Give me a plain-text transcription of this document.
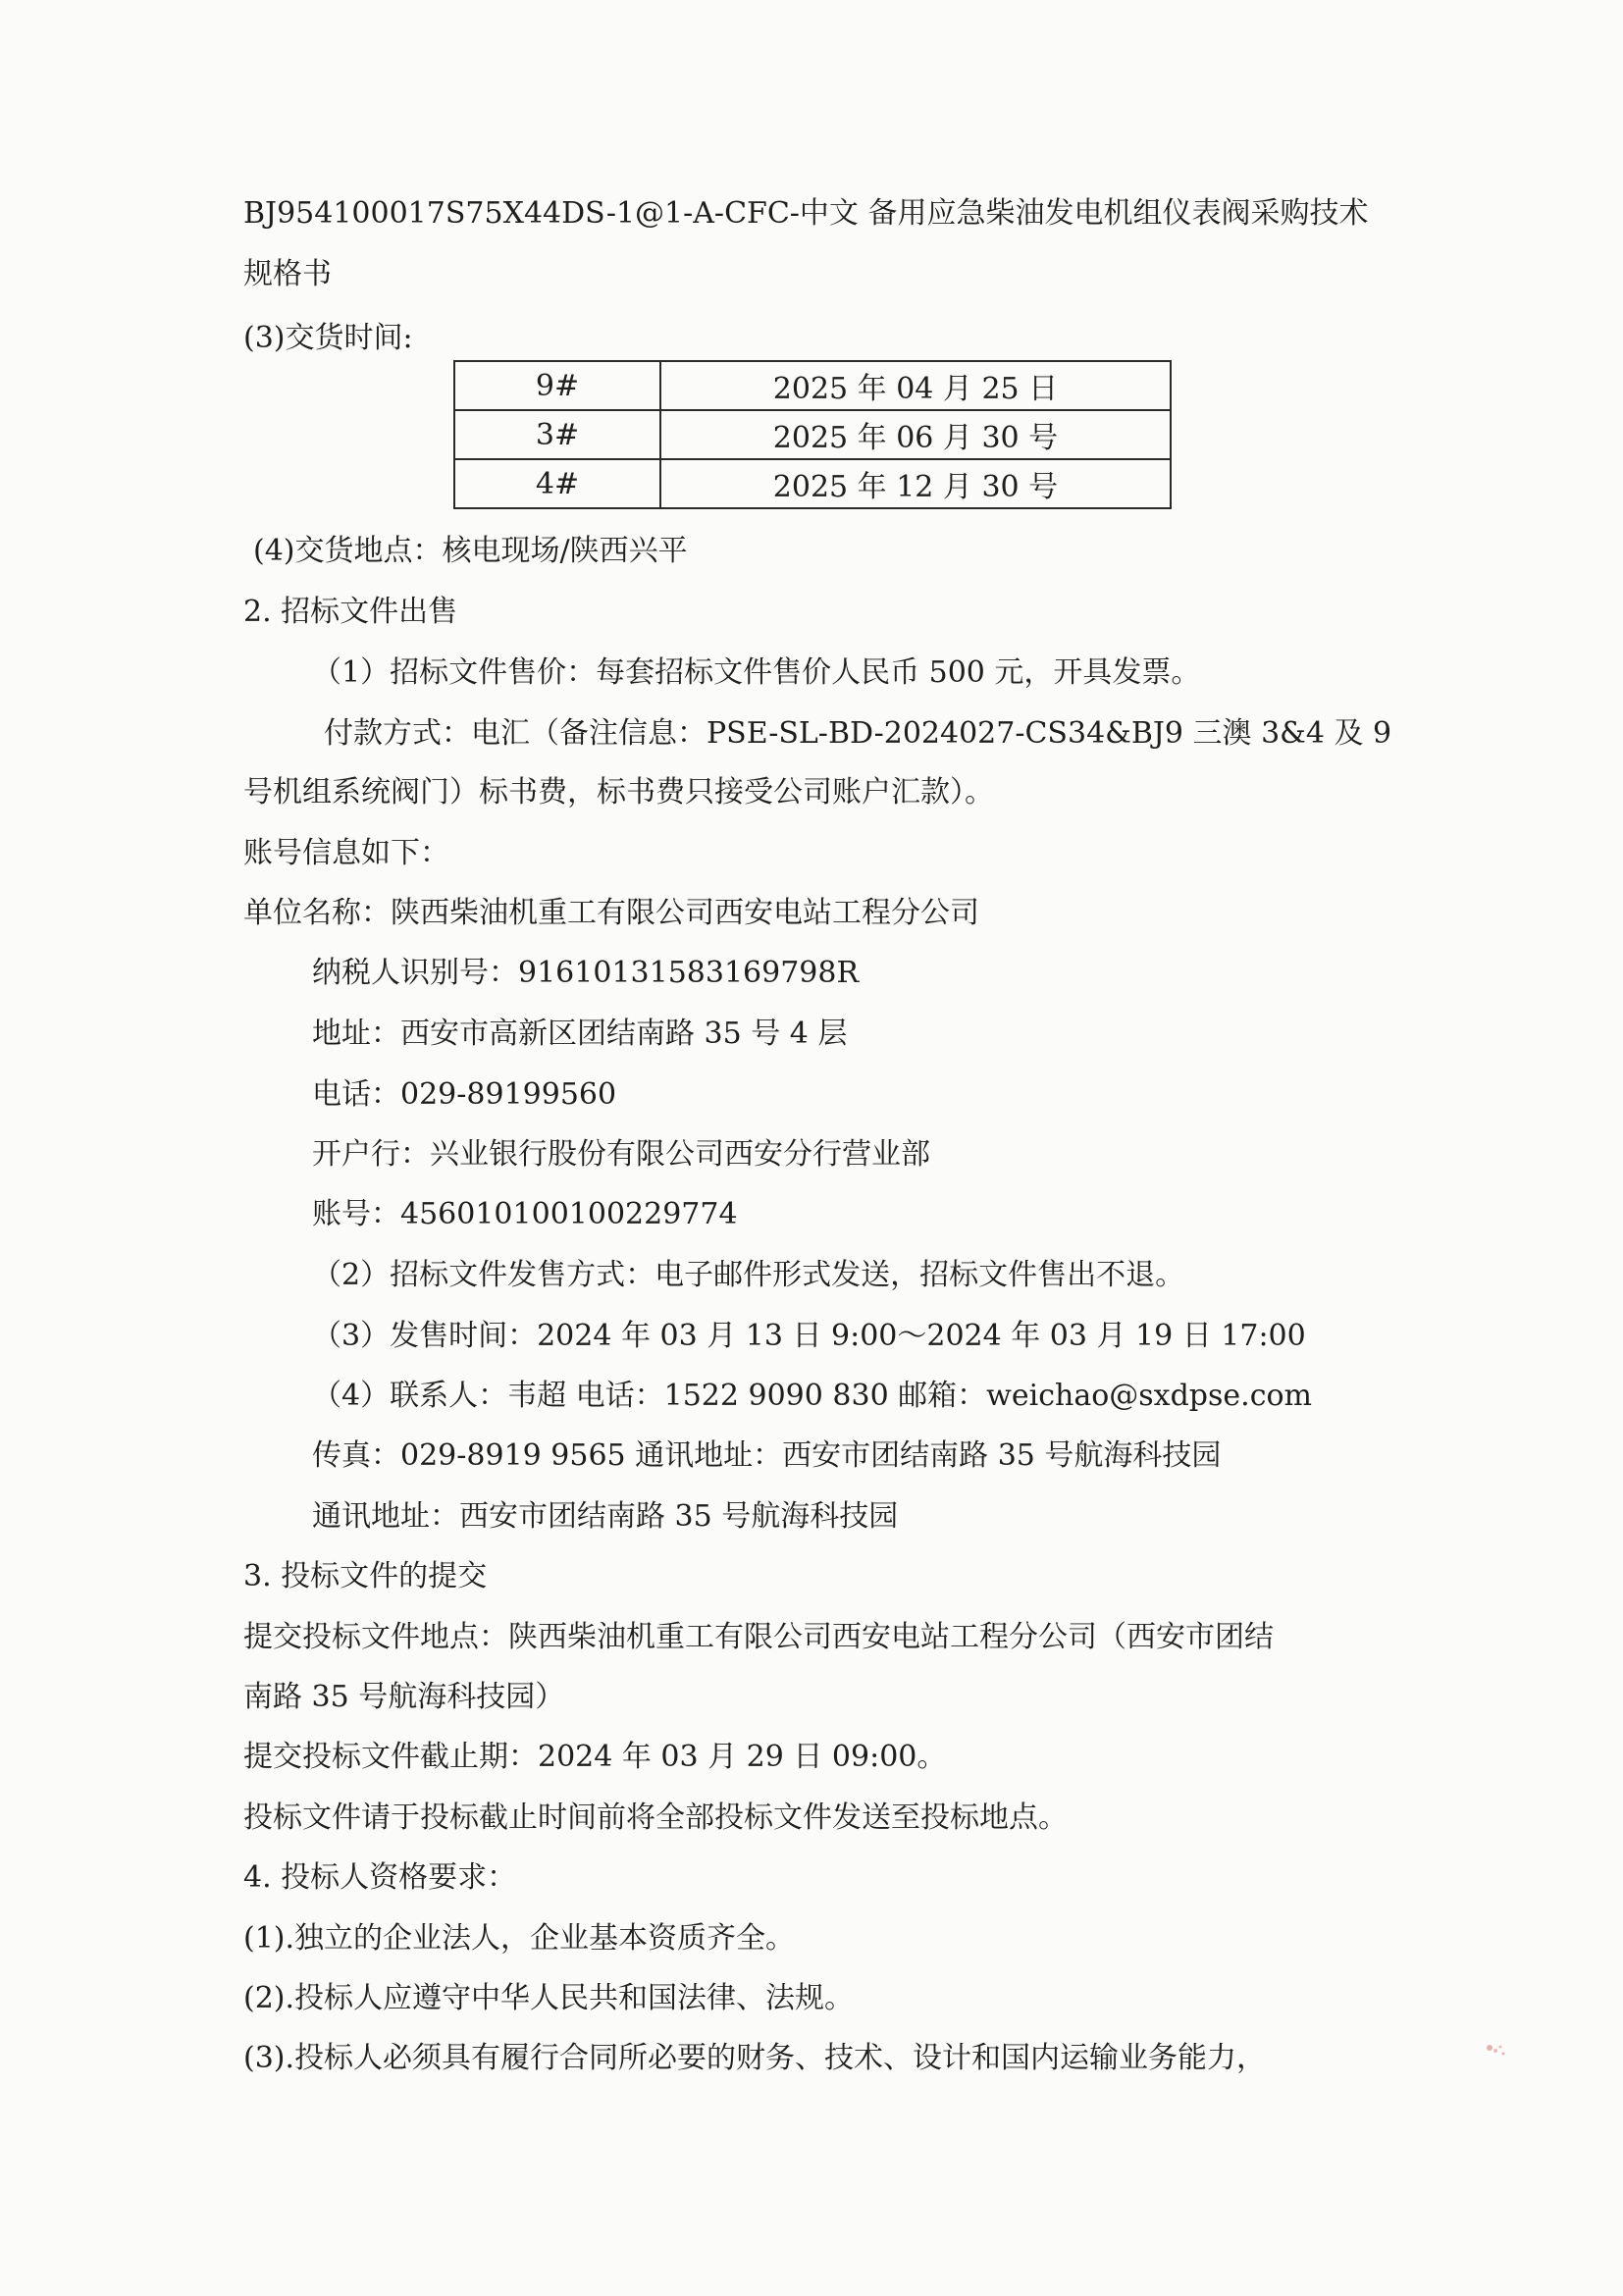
BJ954100017S75X44DS-1@1-A-CFC-中文 备用应急柴油发电机组仪表阀采购技术
规格书
(3)交货时间:
9#	2025 年 04 月 25 日
3#	2025 年 06 月 30 号
4#	2025 年 12 月 30 号
(4)交货地点：核电现场/陕西兴平
2. 招标文件出售
（1）招标文件售价：每套招标文件售价人民币 500 元，开具发票。
付款方式：电汇（备注信息：PSE-SL-BD-2024027-CS34&BJ9 三澳 3&4 及 9
号机组系统阀门）标书费，标书费只接受公司账户汇款）。
账号信息如下：
单位名称：陕西柴油机重工有限公司西安电站工程分公司
纳税人识别号：91610131583169798R
地址：西安市高新区团结南路 35 号 4 层
电话：029-89199560
开户行：兴业银行股份有限公司西安分行营业部
账号：456010100100229774
（2）招标文件发售方式：电子邮件形式发送，招标文件售出不退。
（3）发售时间：2024 年 03 月 13 日 9:00～2024 年 03 月 19 日 17:00
（4）联系人：韦超 电话：1522 9090 830 邮箱：weichao@sxdpse.com
传真：029-8919 9565 通讯地址：西安市团结南路 35 号航海科技园
通讯地址：西安市团结南路 35 号航海科技园
3. 投标文件的提交
提交投标文件地点：陕西柴油机重工有限公司西安电站工程分公司（西安市团结
南路 35 号航海科技园）
提交投标文件截止期：2024 年 03 月 29 日 09:00。
投标文件请于投标截止时间前将全部投标文件发送至投标地点。
4. 投标人资格要求：
(1).独立的企业法人，企业基本资质齐全。
(2).投标人应遵守中华人民共和国法律、法规。
(3).投标人必须具有履行合同所必要的财务、技术、设计和国内运输业务能力，
